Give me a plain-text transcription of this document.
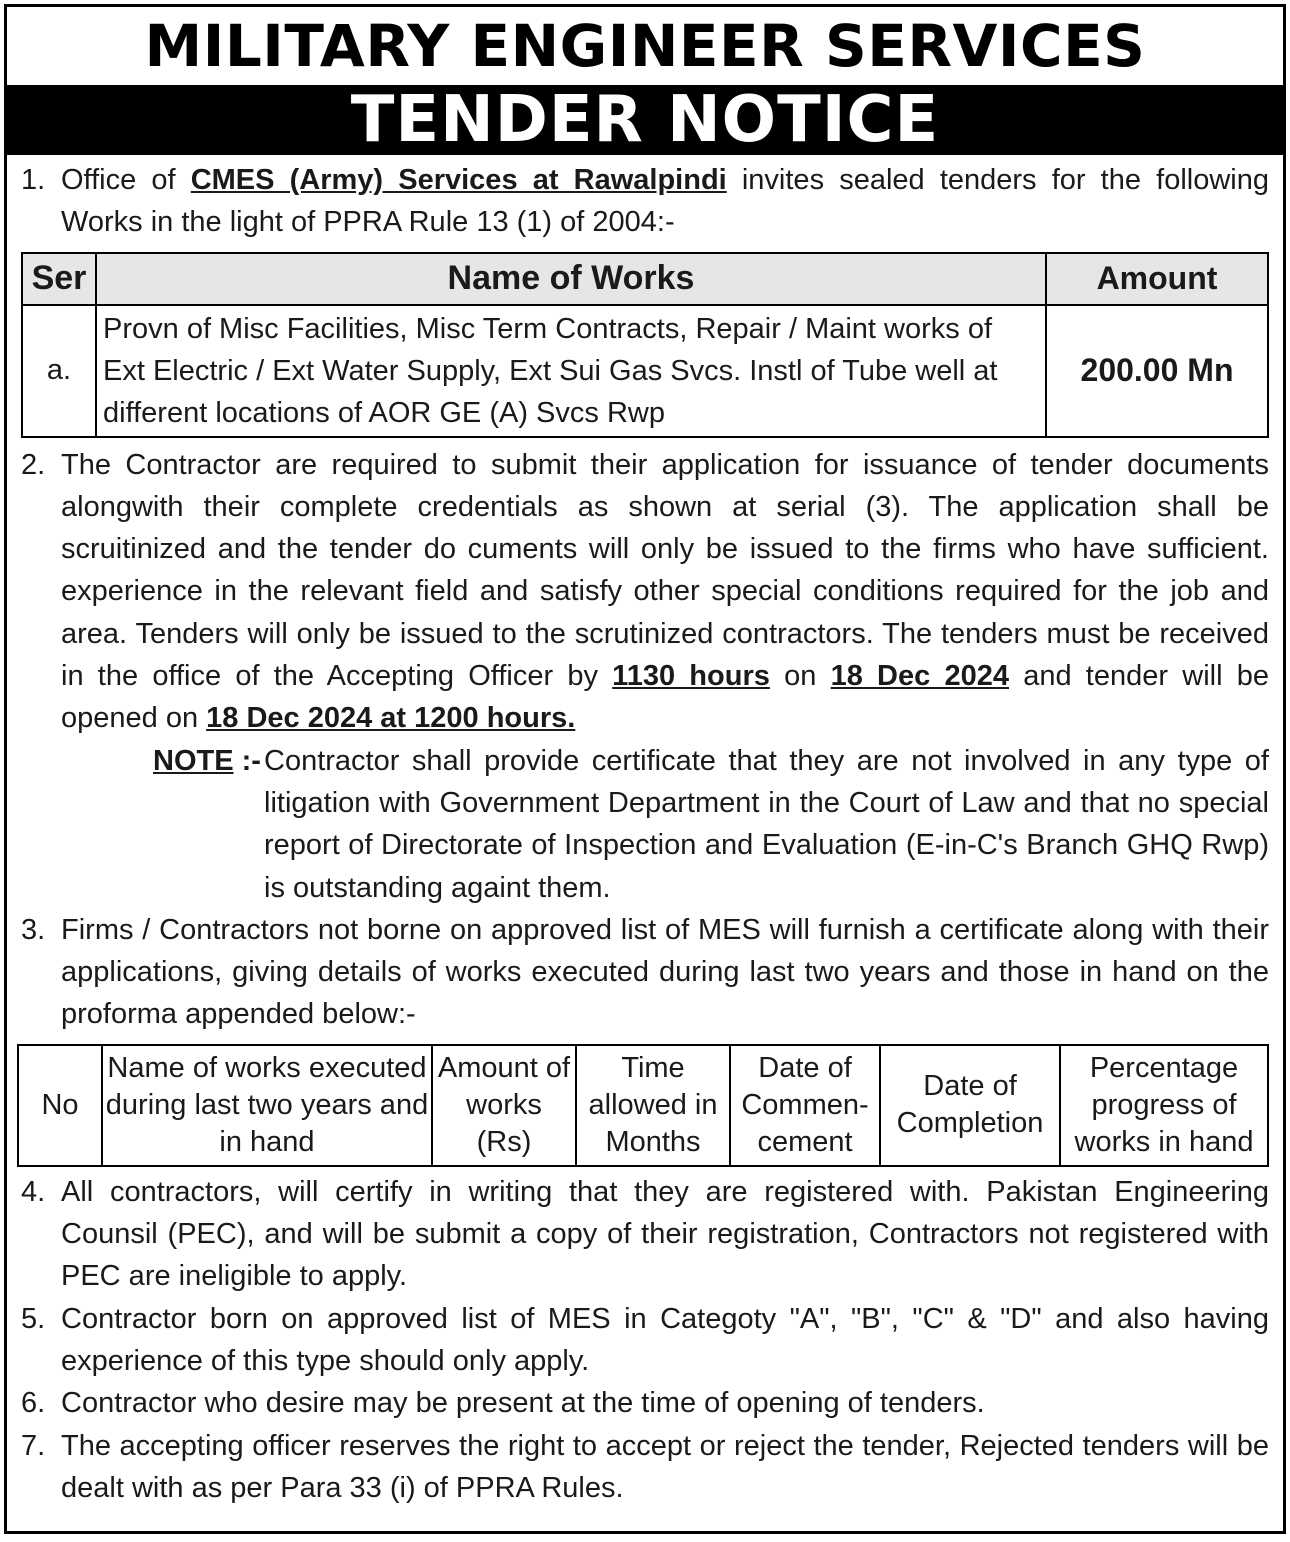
MILITARY ENGINEER SERVICES
TENDER NOTICE
1. Office of CMES (Army) Services at Rawalpindi invites sealed tenders for the following Works in the light of PPRA Rule 13 (1) of 2004:-

Ser	Name of Works	Amount
a.	Provn of Misc Facilities, Misc Term Contracts, Repair / Maint works of Ext Electric / Ext Water Supply, Ext Sui Gas Svcs. Instl of Tube well at different locations of AOR GE (A) Svcs Rwp	200.00 Mn
2. The Contractor are required to submit their application for issuance of tender documents alongwith their complete credentials as shown at serial (3). The application shall be scruitinized and the tender do cuments will only be issued to the firms who have sufficient. experience in the relevant field and satisfy other special conditions required for the job and area. Tenders will only be issued to the scrutinized contractors. The tenders must be received in the office of the Accepting Officer by 1130 hours on 18 Dec 2024 and tender will be opened on 18 Dec 2024 at 1200 hours.

NOTE :- Contractor shall provide certificate that they are not involved in any type of litigation with Government Department in the Court of Law and that no special report of Directorate of Inspection and Evaluation (E-in-C's Branch GHQ Rwp) is outstanding againt them.

3. Firms / Contractors not borne on approved list of MES will furnish a certificate along with their applications, giving details of works executed during last two years and those in hand on the proforma appended below:-

No	Name of works executed during last two years and in hand	Amount of works (Rs)	Time allowed in Months	Date of Commen-cement	Date of Completion	Percentage progress of works in hand
4. All contractors, will certify in writing that they are registered with. Pakistan Engineering Counsil (PEC), and will be submit a copy of their registration, Contractors not registered with PEC are ineligible to apply.

5. Contractor born on approved list of MES in Categoty "A", "B", "C" & "D" and also having experience of this type should only apply.

6. Contractor who desire may be present at the time of opening of tenders.

7. The accepting officer reserves the right to accept or reject the tender, Rejected tenders will be dealt with as per Para 33 (i) of PPRA Rules.
